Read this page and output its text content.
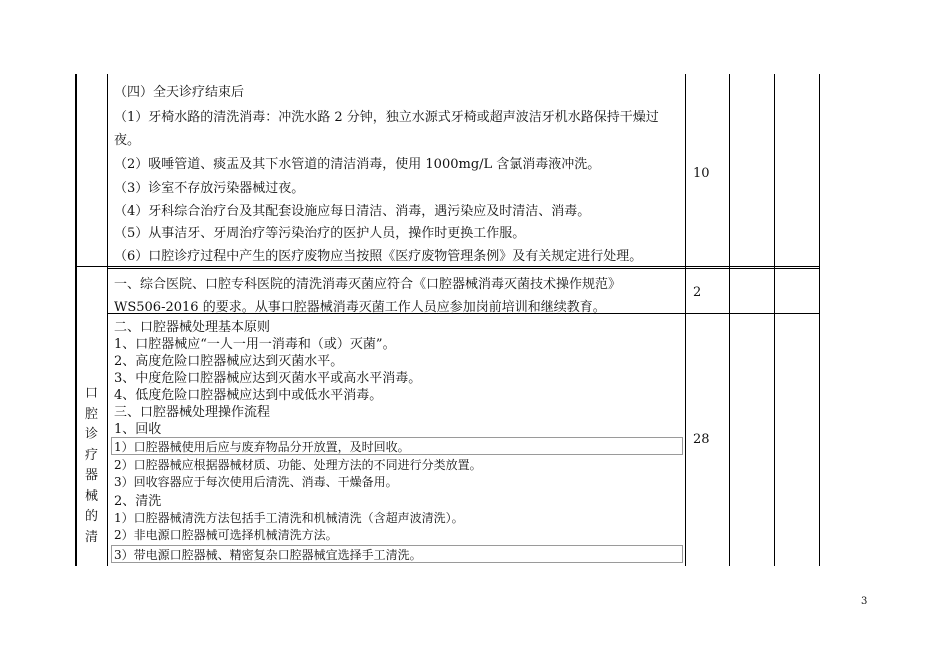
（四）全天诊疗结束后
（1）牙椅水路的清洗消毒：冲洗水路 2 分钟，独立水源式牙椅或超声波洁牙机水路保持干燥过
夜。
（2）吸唾管道、痰盂及其下水管道的清洁消毒，使用 1000mg/L 含氯消毒液冲洗。
（3）诊室不存放污染器械过夜。
（4）牙科综合治疗台及其配套设施应每日清洁、消毒，遇污染应及时清洁、消毒。
（5）从事洁牙、牙周治疗等污染治疗的医护人员，操作时更换工作服。
（6）口腔诊疗过程中产生的医疗废物应当按照《医疗废物管理条例》及有关规定进行处理。
10
一、综合医院、口腔专科医院的清洗消毒灭菌应符合《口腔器械消毒灭菌技术操作规范》
WS506-2016 的要求。从事口腔器械消毒灭菌工作人员应参加岗前培训和继续教育。
2
口
腔
诊
疗
器
械
的
清
二、口腔器械处理基本原则
1、口腔器械应“一人一用一消毒和（或）灭菌”。
2、高度危险口腔器械应达到灭菌水平。
3、中度危险口腔器械应达到灭菌水平或高水平消毒。
4、低度危险口腔器械应达到中或低水平消毒。
三、口腔器械处理操作流程
1、回收
1）口腔器械使用后应与废弃物品分开放置，及时回收。
2）口腔器械应根据器械材质、功能、处理方法的不同进行分类放置。
3）回收容器应于每次使用后清洗、消毒、干燥备用。
2、清洗
1）口腔器械清洗方法包括手工清洗和机械清洗（含超声波清洗）。
2）非电源口腔器械可选择机械清洗方法。
3）带电源口腔器械、精密复杂口腔器械宜选择手工清洗。
28
3
